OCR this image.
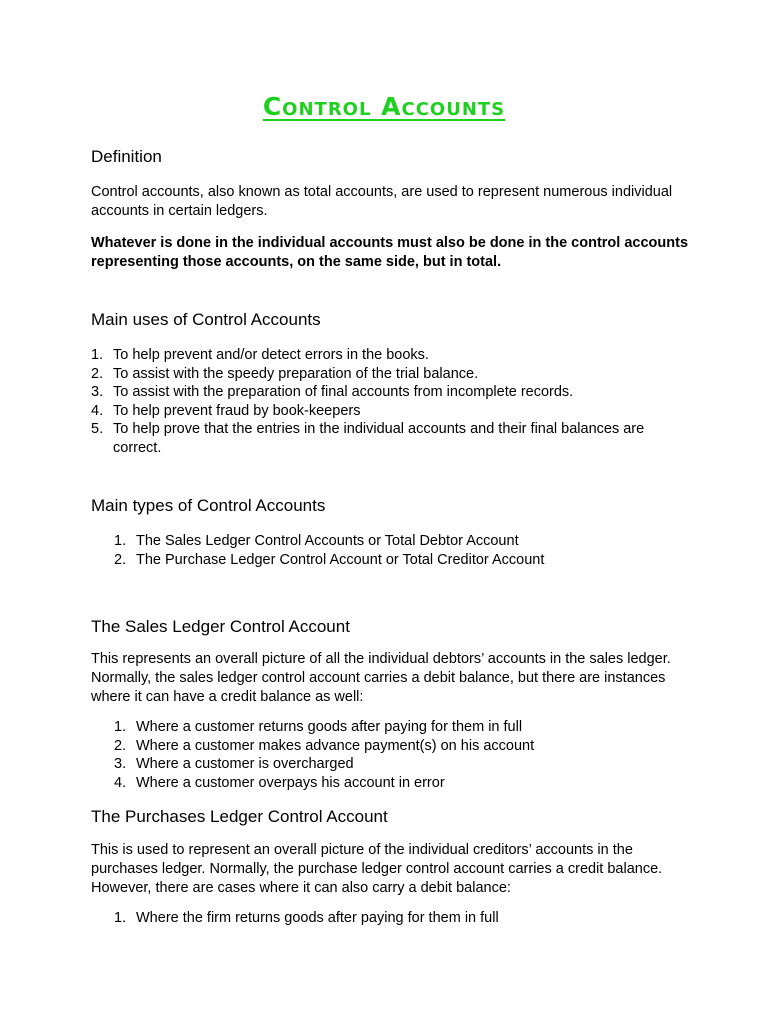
Control Accounts
Definition

Control accounts, also known as total accounts, are used to represent numerous individual accounts in certain ledgers.

Whatever is done in the individual accounts must also be done in the control accounts representing those accounts, on the same side, but in total.

Main uses of Control Accounts
1. To help prevent and/or detect errors in the books.
2. To assist with the speedy preparation of the trial balance.
3. To assist with the preparation of final accounts from incomplete records.
4. To help prevent fraud by book-keepers
5. To help prove that the entries in the individual accounts and their final balances are correct.
Main types of Control Accounts
1. The Sales Ledger Control Accounts or Total Debtor Account
2. The Purchase Ledger Control Account or Total Creditor Account
The Sales Ledger Control Account

This represents an overall picture of all the individual debtors’ accounts in the sales ledger. Normally, the sales ledger control account carries a debit balance, but there are instances where it can have a credit balance as well:

1. Where a customer returns goods after paying for them in full
2. Where a customer makes advance payment(s) on his account
3. Where a customer is overcharged
4. Where a customer overpays his account in error
The Purchases Ledger Control Account

This is used to represent an overall picture of the individual creditors’ accounts in the purchases ledger. Normally, the purchase ledger control account carries a credit balance. However, there are cases where it can also carry a debit balance:

1. Where the firm returns goods after paying for them in full
